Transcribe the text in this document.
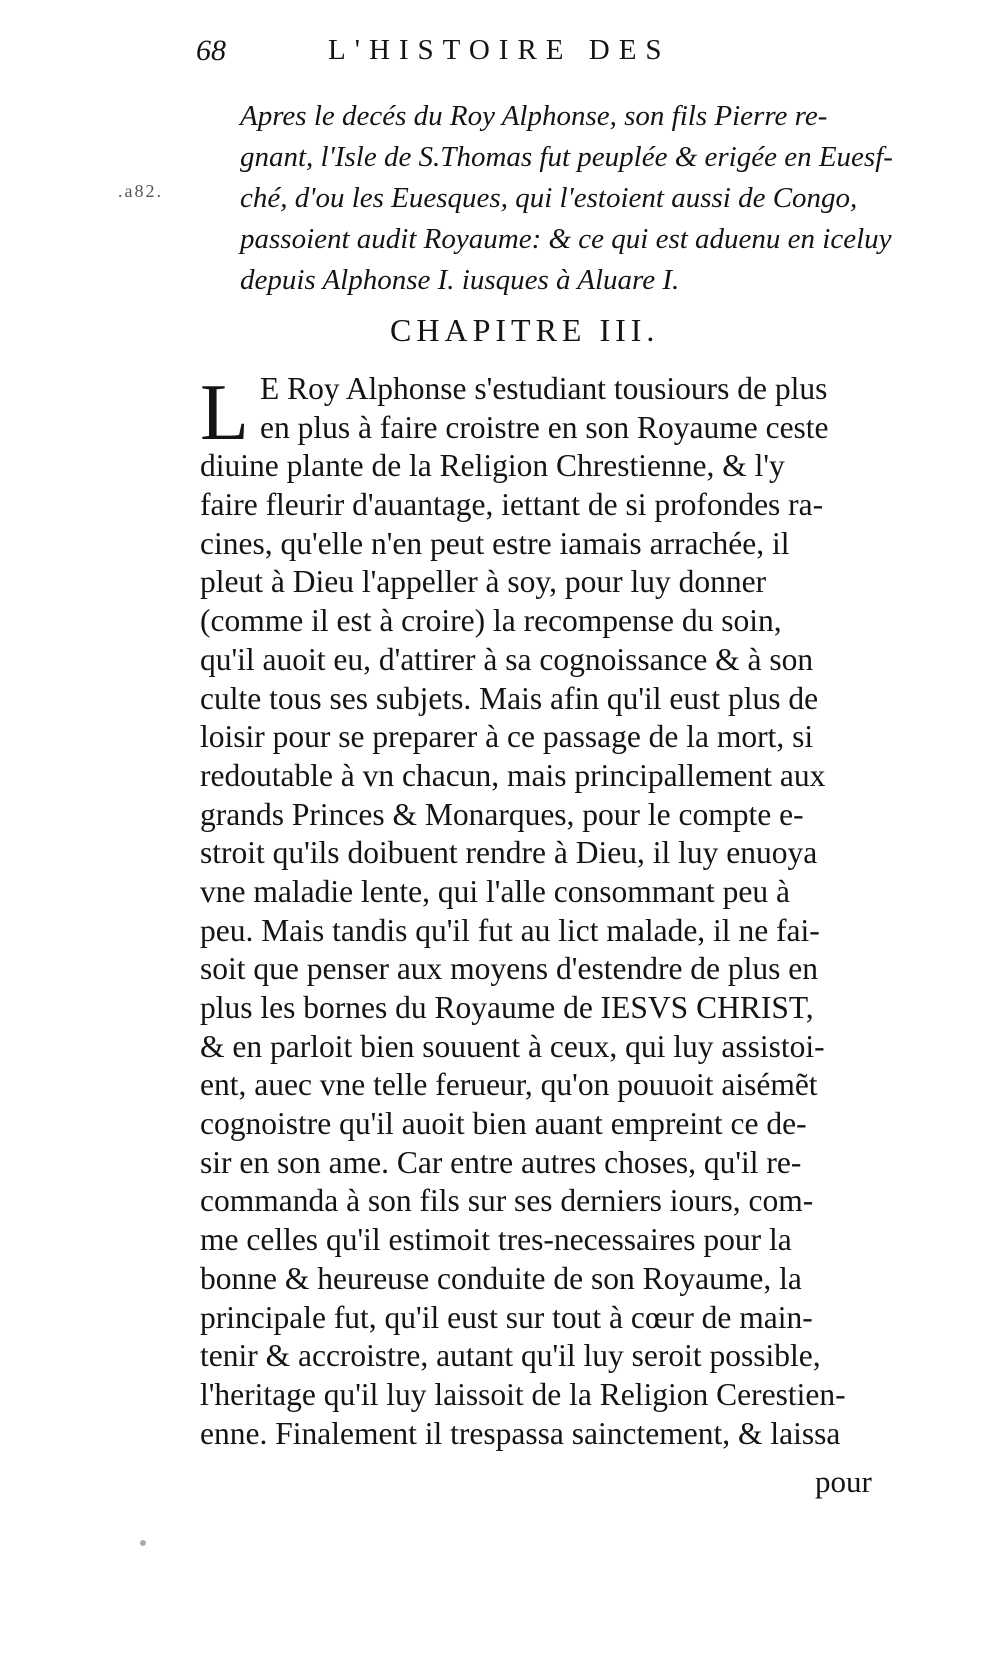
68	L'HISTOIRE DES
.a82.
Apres le decés du Roy Alphonse, son fils Pierre re-
gnant, l'Isle de S.Thomas fut peuplée & erigée en Euesf-
ché, d'ou les Euesques, qui l'estoient aussi de Congo,
passoient audit Royaume: & ce qui est aduenu en iceluy
depuis Alphonse I. iusques à Aluare I.
CHAPITRE III.
L E Roy Alphonse s'estudiant tousiours de plus
en plus à faire croistre en son Royaume ceste
diuine plante de la Religion Chrestienne, & l'y
faire fleurir d'auantage, iettant de si profondes ra-
cines, qu'elle n'en peut estre iamais arrachée, il
pleut à Dieu l'appeller à soy, pour luy donner
(comme il est à croire) la recompense du soin,
qu'il auoit eu, d'attirer à sa cognoissance & à son
culte tous ses subjets. Mais afin qu'il eust plus de
loisir pour se preparer à ce passage de la mort, si
redoutable à vn chacun, mais principallement aux
grands Princes & Monarques, pour le compte e-
stroit qu'ils doibuent rendre à Dieu, il luy enuoya
vne maladie lente, qui l'alle consommant peu à
peu. Mais tandis qu'il fut au lict malade, il ne fai-
soit que penser aux moyens d'estendre de plus en
plus les bornes du Royaume de IESVS CHRIST,
& en parloit bien souuent à ceux, qui luy assistoi-
ent, auec vne telle ferueur, qu'on pouuoit aisémẽt
cognoistre qu'il auoit bien auant empreint ce de-
sir en son ame. Car entre autres choses, qu'il re-
commanda à son fils sur ses derniers iours, com-
me celles qu'il estimoit tres-necessaires pour la
bonne & heureuse conduite de son Royaume, la
principale fut, qu'il eust sur tout à cœur de main-
tenir & accroistre, autant qu'il luy seroit possible,
l'heritage qu'il luy laissoit de la Religion Cerestien-
enne. Finalement il trespassa sainctement, & laissa
pour
